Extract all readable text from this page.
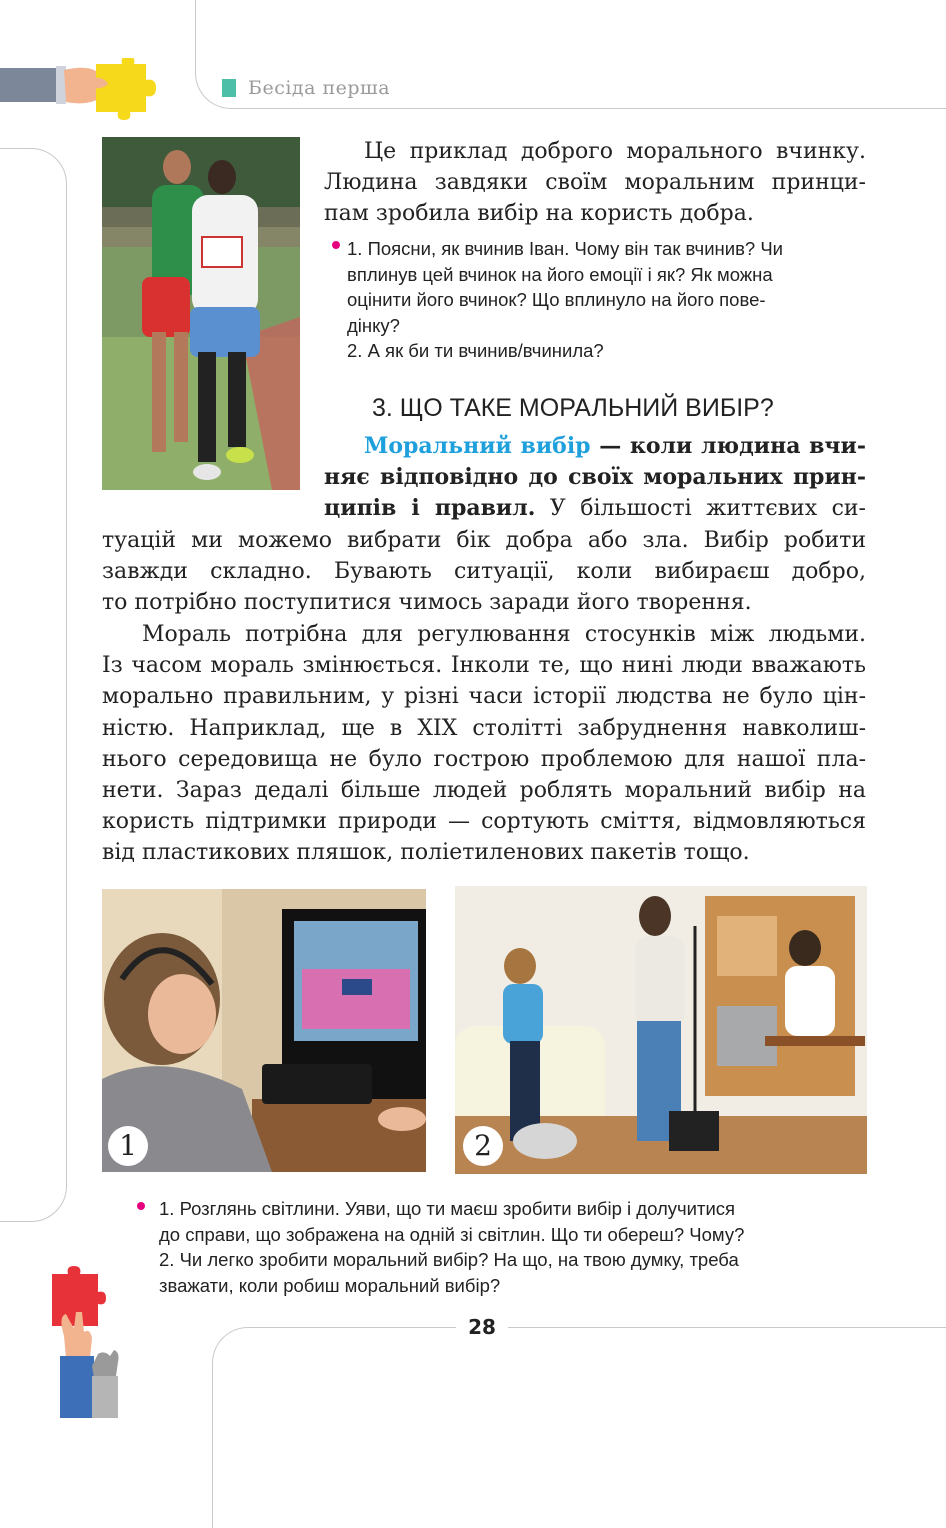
Бесіда перша
Це приклад доброго морального вчинку.
Людина завдяки своїм моральним принци-
пам зробила вибір на користь добра.
1. Поясни, як вчинив Іван. Чому він так вчинив? Чи
вплинув цей вчинок на його емоції і як? Як можна
оцінити його вчинок? Що вплинуло на його пове-
дінку?
2. А як би ти вчинив/вчинила?
3. ЩО ТАКЕ МОРАЛЬНИЙ ВИБІР?
Моральний вибір — коли людина вчи-
няє відповідно до своїх моральних прин-
ципів і правил. У більшості життєвих си-
туацій ми можемо вибрати бік добра або зла. Вибір робити
завжди складно. Бувають ситуації, коли вибираєш добро,
то потрібно поступитися чимось заради його творення.
Мораль потрібна для регулювання стосунків між людьми.
Із часом мораль змінюється. Інколи те, що нині люди вважають
морально правильним, у різні часи історії людства не було цін-
ністю. Наприклад, ще в XIX столітті забруднення навколиш-
нього середовища не було гострою проблемою для нашої пла-
нети. Зараз дедалі більше людей роблять моральний вибір на
користь підтримки природи — сортують сміття, відмовляються
від пластикових пляшок, поліетиленових пакетів тощо.
1	2
1. Розглянь світлини. Уяви, що ти маєш зробити вибір і долучитися
до справи, що зображена на одній зі світлин. Що ти обереш? Чому?
2. Чи легко зробити моральний вибір? На що, на твою думку, треба
зважати, коли робиш моральний вибір?
28
